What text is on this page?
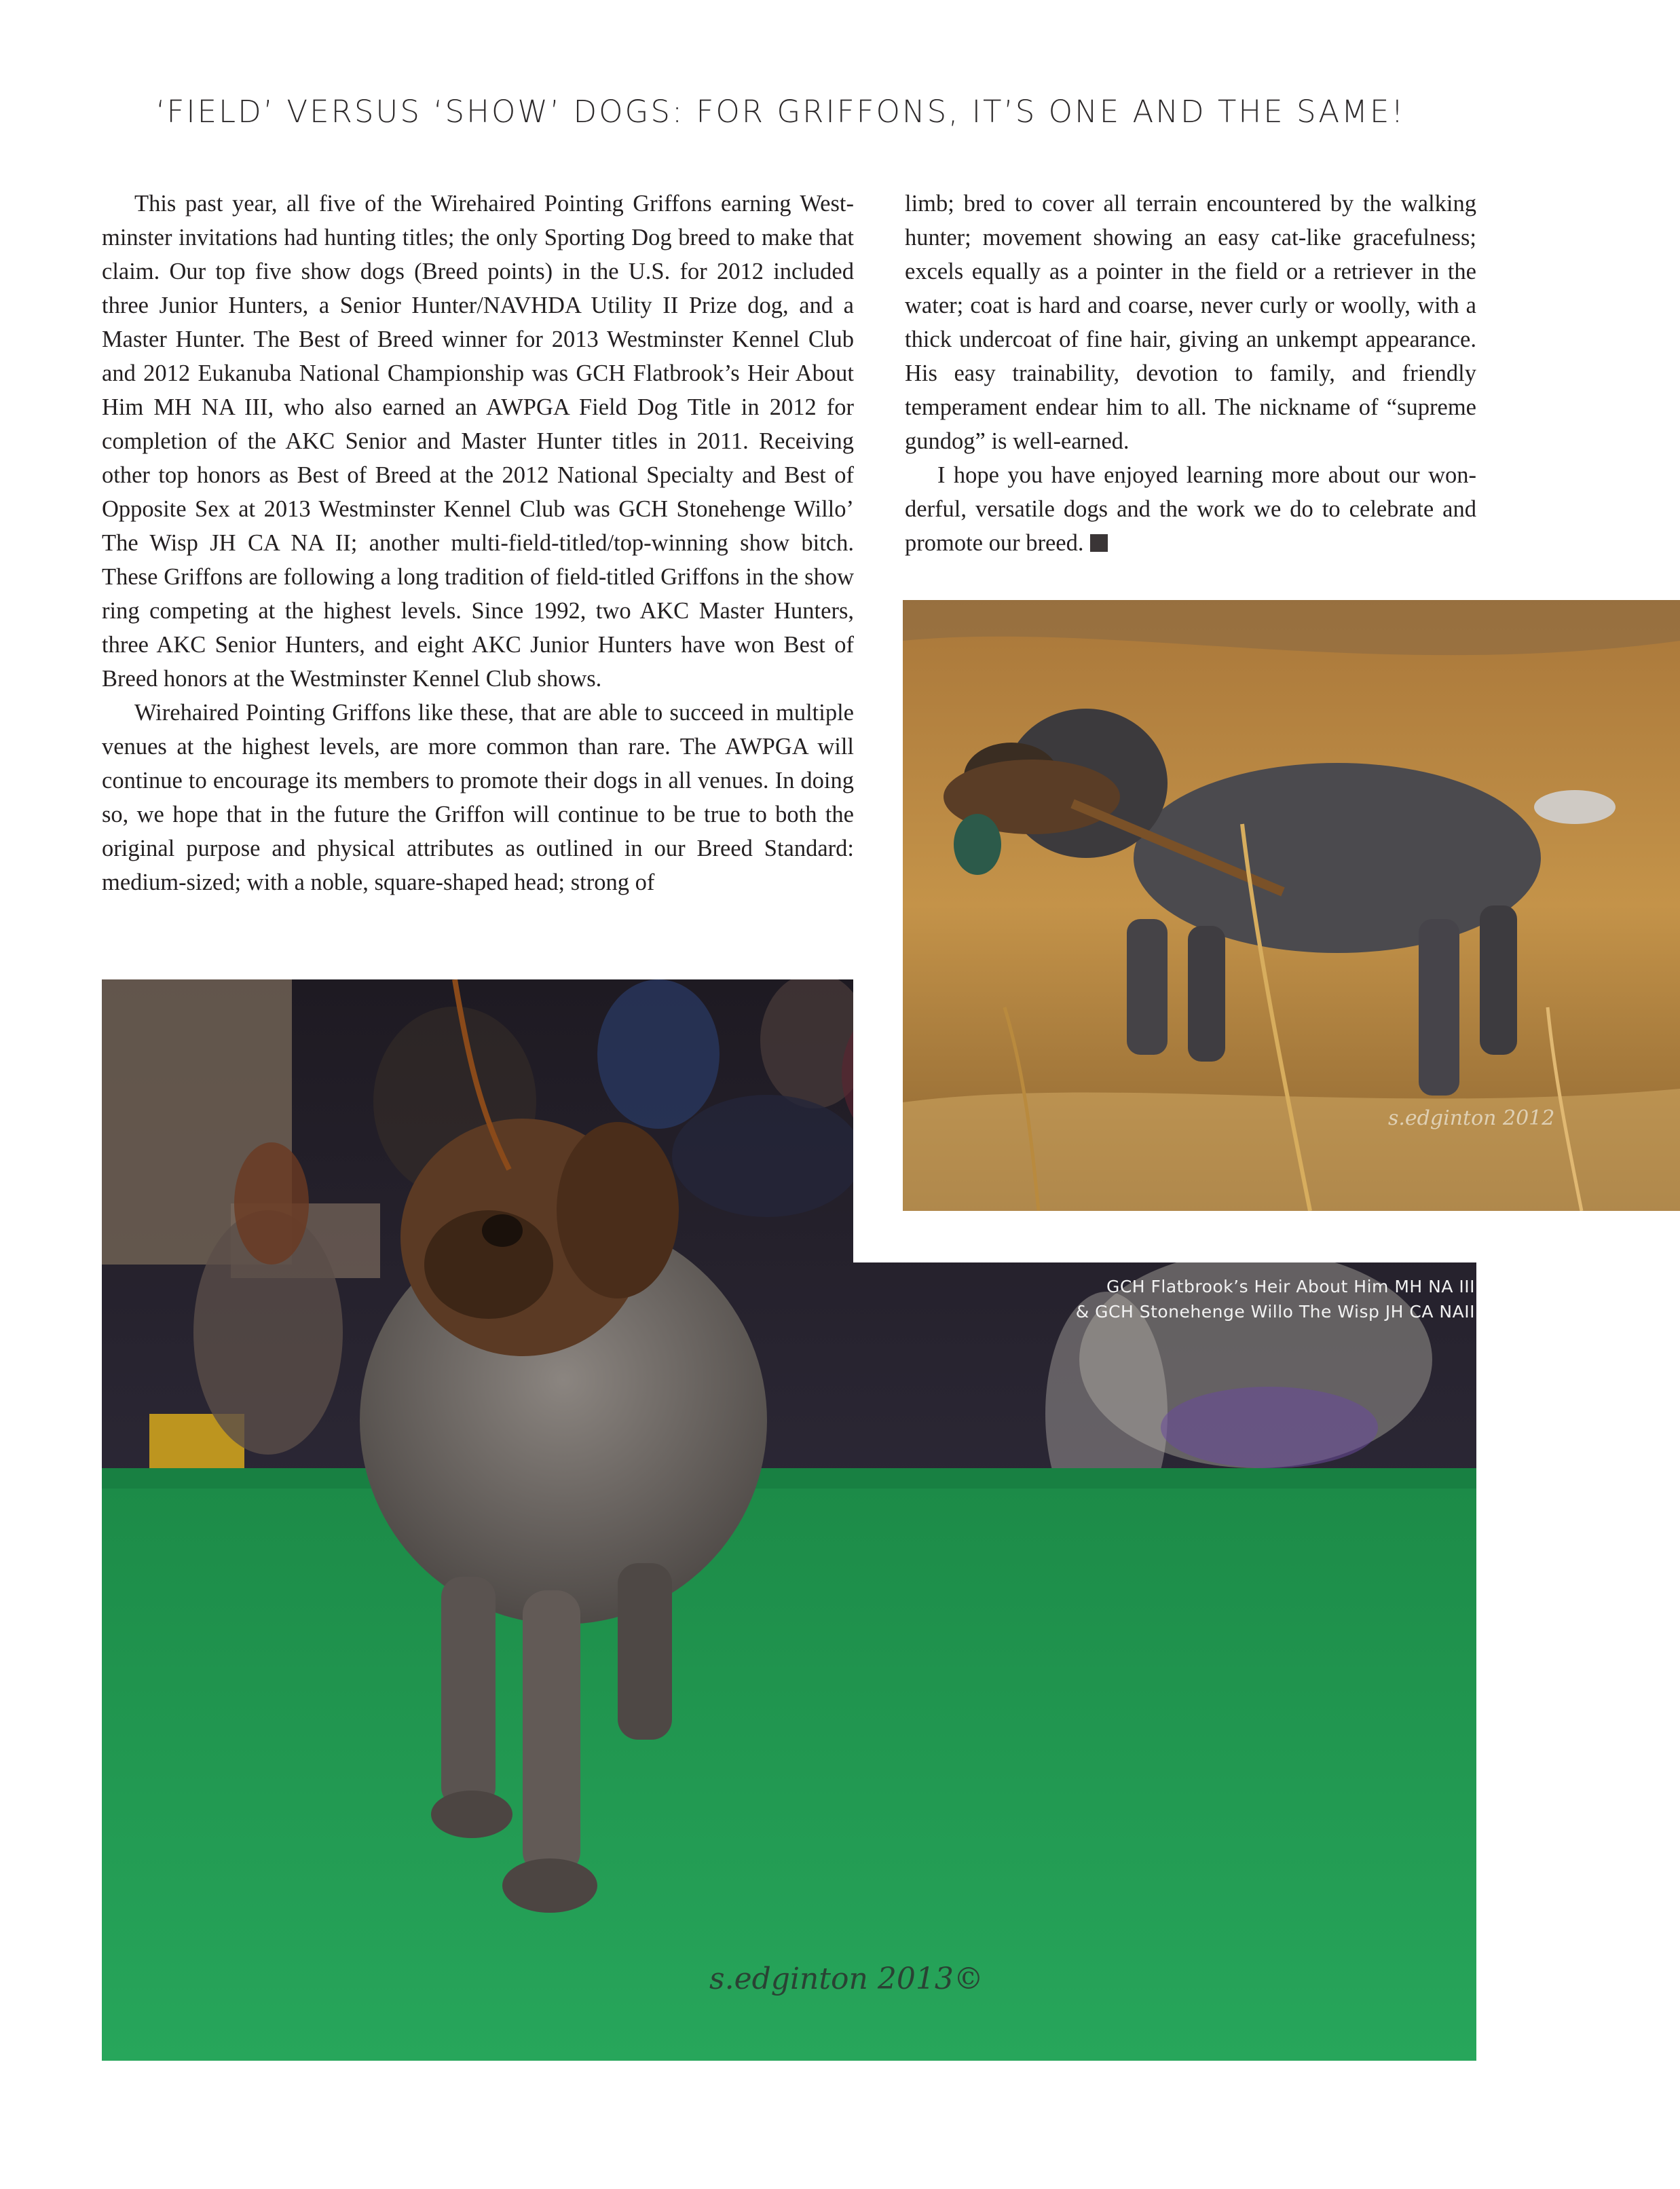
‘FIELD’ VERSUS ‘SHOW’ DOGS: FOR GRIFFONS, IT’S ONE AND THE SAME!

This past year, all five of the Wirehaired Pointing Griffons earning Westminster invitations had hunting titles; the only Sporting Dog breed to make that claim. Our top five show dogs (Breed points) in the U.S. for 2012 included three Junior Hunters, a Senior Hunter/NAVHDA Utility II Prize dog, and a Master Hunter. The Best of Breed winner for 2013 Westminster Kennel Club and 2012 Eukanuba National Championship was GCH Flatbrook’s Heir About Him MH NA III, who also earned an AWPGA Field Dog Title in 2012 for completion of the AKC Senior and Master Hunter titles in 2011. Receiving other top honors as Best of Breed at the 2012 National Specialty and Best of Opposite Sex at 2013 Westminster Kennel Club was GCH Stonehenge Willo’ The Wisp JH CA NA II; another multi-field-titled/top-winning show bitch. These Griffons are following a long tradition of field-titled Griffons in the show ring competing at the highest levels. Since 1992, two AKC Master Hunters, three AKC Senior Hunters, and eight AKC Junior Hunters have won Best of Breed honors at the Westminster Kennel Club shows.

Wirehaired Pointing Griffons like these, that are able to succeed in multiple venues at the highest levels, are more common than rare. The AWPGA will continue to encourage its members to promote their dogs in all venues. In doing so, we hope that in the future the Griffon will continue to be true to both the original purpose and physical attributes as outlined in our Breed Standard: medium-sized; with a noble, square-shaped head; strong of

limb; bred to cover all terrain encountered by the walking hunter; movement showing an easy cat-like gracefulness; excels equally as a pointer in the field or a retriever in the water; coat is hard and coarse, never curly or woolly, with a thick undercoat of fine hair, giving an unkempt appearance. His easy trainability, devotion to family, and friendly temperament endear him to all. The nickname of “supreme gundog” is well-earned.

I hope you have enjoyed learning more about our wonderful, versatile dogs and the work we do to celebrate and promote our breed.

s.edginton 2012
s.edginton 2013©
GCH Flatbrook’s Heir About Him MH NA III
& GCH Stonehenge Willo The Wisp JH CA NAII
